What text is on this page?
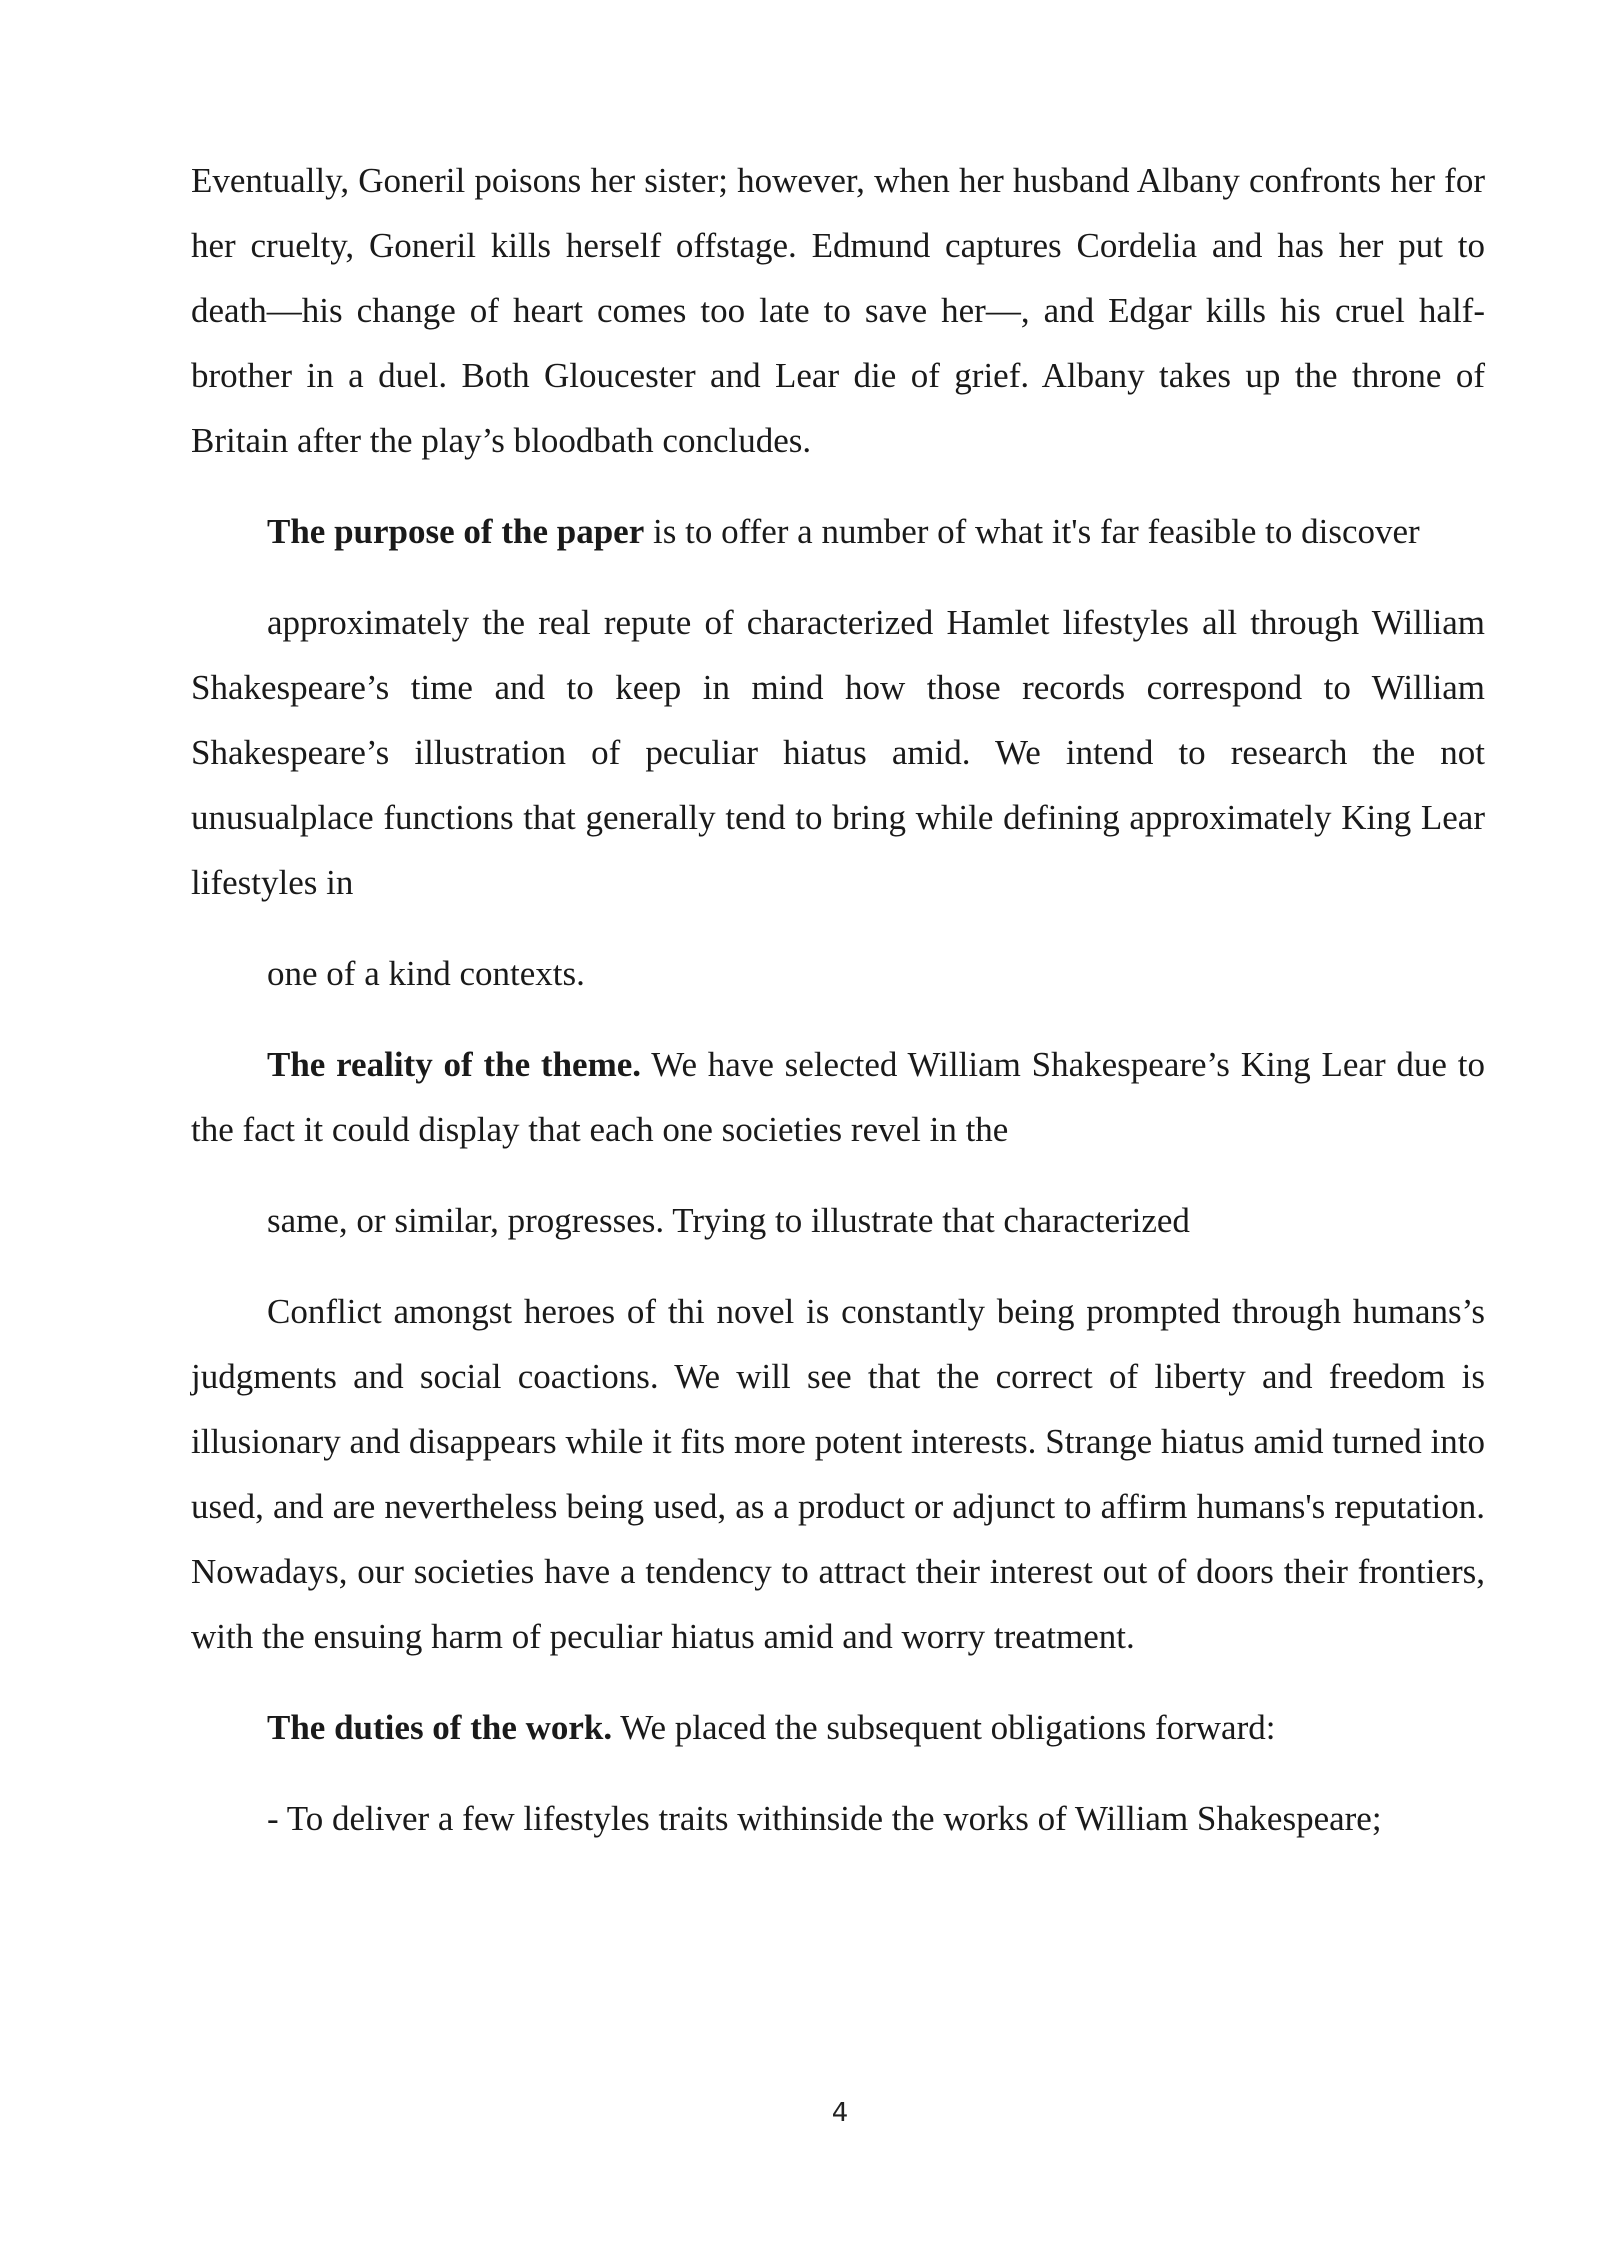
Eventually, Goneril poisons her sister; however, when her husband Albany confronts her for her cruelty, Goneril kills herself offstage. Edmund captures Cordelia and has her put to death—his change of heart comes too late to save her—, and Edgar kills his cruel half-brother in a duel. Both Gloucester and Lear die of grief. Albany takes up the throne of Britain after the play’s bloodbath concludes.

The purpose of the paper is to offer a number of what it's far feasible to discover

approximately the real repute of characterized Hamlet lifestyles all through William Shakespeare’s time and to keep in mind how those records correspond to William Shakespeare’s illustration of peculiar hiatus amid. We intend to research the not unusualplace functions that generally tend to bring while defining approximately King Lear lifestyles in

one of a kind contexts.

The reality of the theme. We have selected William Shakespeare’s King Lear due to the fact it could display that each one societies revel in the

same, or similar, progresses. Trying to illustrate that characterized

Conflict amongst heroes of thi novel is constantly being prompted through humans’s judgments and social coactions. We will see that the correct of liberty and freedom is illusionary and disappears while it fits more potent interests. Strange hiatus amid turned into used, and are nevertheless being used, as a product or adjunct to affirm humans's reputation. Nowadays, our societies have a tendency to attract their interest out of doors their frontiers, with the ensuing harm of peculiar hiatus amid and worry treatment.

The duties of the work. We placed the subsequent obligations forward:

- To deliver a few lifestyles traits withinside the works of William Shakespeare;

4
